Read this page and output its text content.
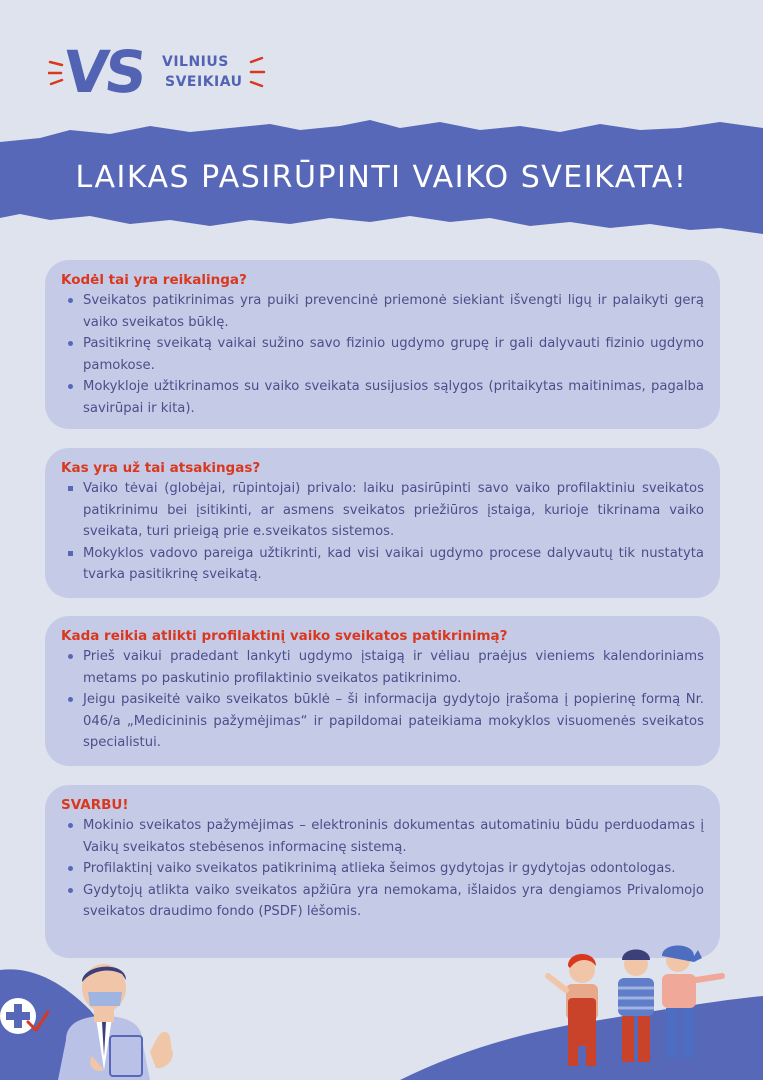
VS VILNIUS
SVEIKIAU
LAIKAS PASIRŪPINTI VAIKO SVEIKATA!
Kodėl tai yra reikalinga?
Sveikatos patikrinimas yra puiki prevencinė priemonė siekiant išvengti ligų ir palaikyti gerą vaiko sveikatos būklę.
Pasitikrinę sveikatą vaikai sužino savo fizinio ugdymo grupę ir gali dalyvauti fizinio ugdymo pamokose.
Mokykloje užtikrinamos su vaiko sveikata susijusios sąlygos (pritaikytas maitinimas, pagalba savirūpai ir kita).
Kas yra už tai atsakingas?
Vaiko tėvai (globėjai, rūpintojai) privalo: laiku pasirūpinti savo vaiko profilaktiniu sveikatos patikrinimu bei įsitikinti, ar asmens sveikatos priežiūros įstaiga, kurioje tikrinama vaiko sveikata, turi prieigą prie e.sveikatos sistemos.
Mokyklos vadovo pareiga užtikrinti, kad visi vaikai ugdymo procese dalyvautų tik nustatyta tvarka pasitikrinę sveikatą.
Kada reikia atlikti profilaktinį vaiko sveikatos patikrinimą?
Prieš vaikui pradedant lankyti ugdymo įstaigą ir vėliau praėjus vieniems kalendoriniams metams po paskutinio profilaktinio sveikatos patikrinimo.
Jeigu pasikeitė vaiko sveikatos būklė – ši informacija gydytojo įrašoma į popierinę formą Nr. 046/a „Medicininis pažymėjimas“ ir papildomai pateikiama mokyklos visuomenės sveikatos specialistui.
SVARBU!
Mokinio sveikatos pažymėjimas – elektroninis dokumentas automatiniu būdu perduodamas į Vaikų sveikatos stebėsenos informacinę sistemą.
Profilaktinį vaiko sveikatos patikrinimą atlieka šeimos gydytojas ir gydytojas odontologas.
Gydytojų atlikta vaiko sveikatos apžiūra yra nemokama, išlaidos yra dengiamos Privalomojo sveikatos draudimo fondo (PSDF) lėšomis.
